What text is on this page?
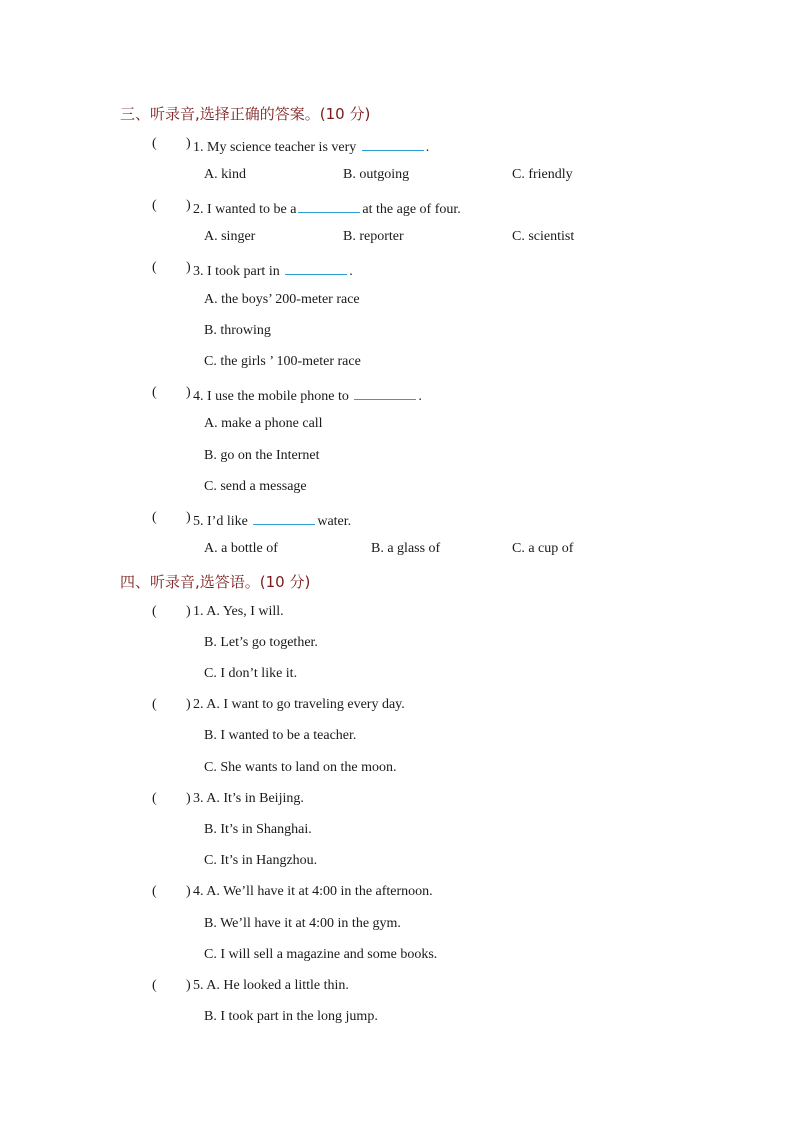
三、听录音,选择正确的答案。(10 分)
( ) 1. My science teacher is very	.
A. kind	B. outgoing	C. friendly
( ) 2. I wanted to be a	at the age of four.
A. singer	B. reporter	C. scientist
( ) 3. I took part in	.
A. the boys’ 200-meter race
B. throwing
C. the girls ’ 100-meter race
( ) 4. I use the mobile phone to	.
A. make a phone call
B. go on the Internet
C. send a message
( ) 5. I’d like	water.
A. a bottle of	B. a glass of	C. a cup of
四、听录音,选答语。(10 分)
( ) 1. A. Yes, I will.
B. Let’s go together.
C. I don’t like it.
( ) 2. A. I want to go traveling every day.
B. I wanted to be a teacher.
C. She wants to land on the moon.
( ) 3. A. It’s in Beijing.
B. It’s in Shanghai.
C. It’s in Hangzhou.
( ) 4. A. We’ll have it at 4:00 in the afternoon.
B. We’ll have it at 4:00 in the gym.
C. I will sell a magazine and some books.
( ) 5. A. He looked a little thin.
B. I took part in the long jump.
